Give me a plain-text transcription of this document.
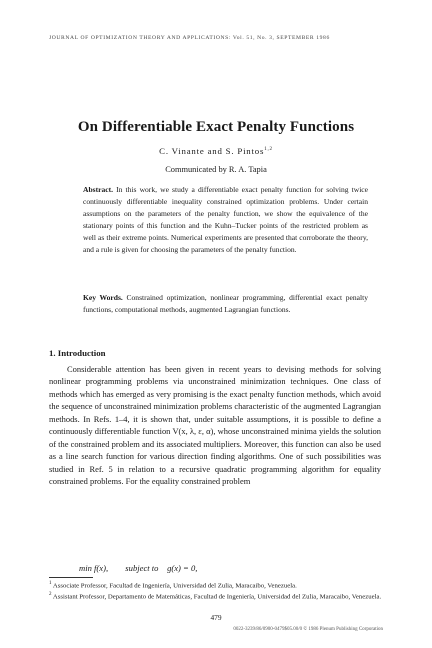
JOURNAL OF OPTIMIZATION THEORY AND APPLICATIONS: Vol. 51, No. 3, SEPTEMBER 1986
On Differentiable Exact Penalty Functions
C. Vinante and S. Pintos$^{1,2}$
Communicated by R. A. Tapia
Abstract. In this work, we study a differentiable exact penalty function for solving twice continuously differentiable inequality constrained optimization problems. Under certain assumptions on the parameters of the penalty function, we show the equivalence of the stationary points of this function and the Kuhn–Tucker points of the restricted problem as well as their extreme points. Numerical experiments are presented that corroborate the theory, and a rule is given for choosing the parameters of the penalty function.
Key Words. Constrained optimization, nonlinear programming, differential exact penalty functions, computational methods, augmented Lagrangian functions.
1. Introduction

Considerable attention has been given in recent years to devising methods for solving nonlinear programming problems via unconstrained minimization techniques. One class of methods which has emerged as very promising is the exact penalty function methods, which avoid the sequence of unconstrained minimization problems characteristic of the augmented Lagrangian methods. In Refs. 1–4, it is shown that, under suitable assumptions, it is possible to define a continuously differentiable function V(x, λ, ε, α), whose unconstrained minima yields the solution of the constrained problem and its associated multipliers. Moreover, this function can also be used as a line search function for various direction finding algorithms. One of such possibilities was studied in Ref. 5 in relation to a recursive quadratic programming algorithm for equality constrained problems. For the equality constrained problem

min f(x),        subject to    g(x) = 0,

$^1$ Associate Professor, Facultad de Ingeniería, Universidad del Zulia, Maracaibo, Venezuela.

$^2$ Assistant Professor, Departamento de Matemáticas, Facultad de Ingeniería, Universidad del Zulia, Maracaibo, Venezuela.

479
0022-3239/86/0900-0479$05.00/0 © 1986 Plenum Publishing Corporation
